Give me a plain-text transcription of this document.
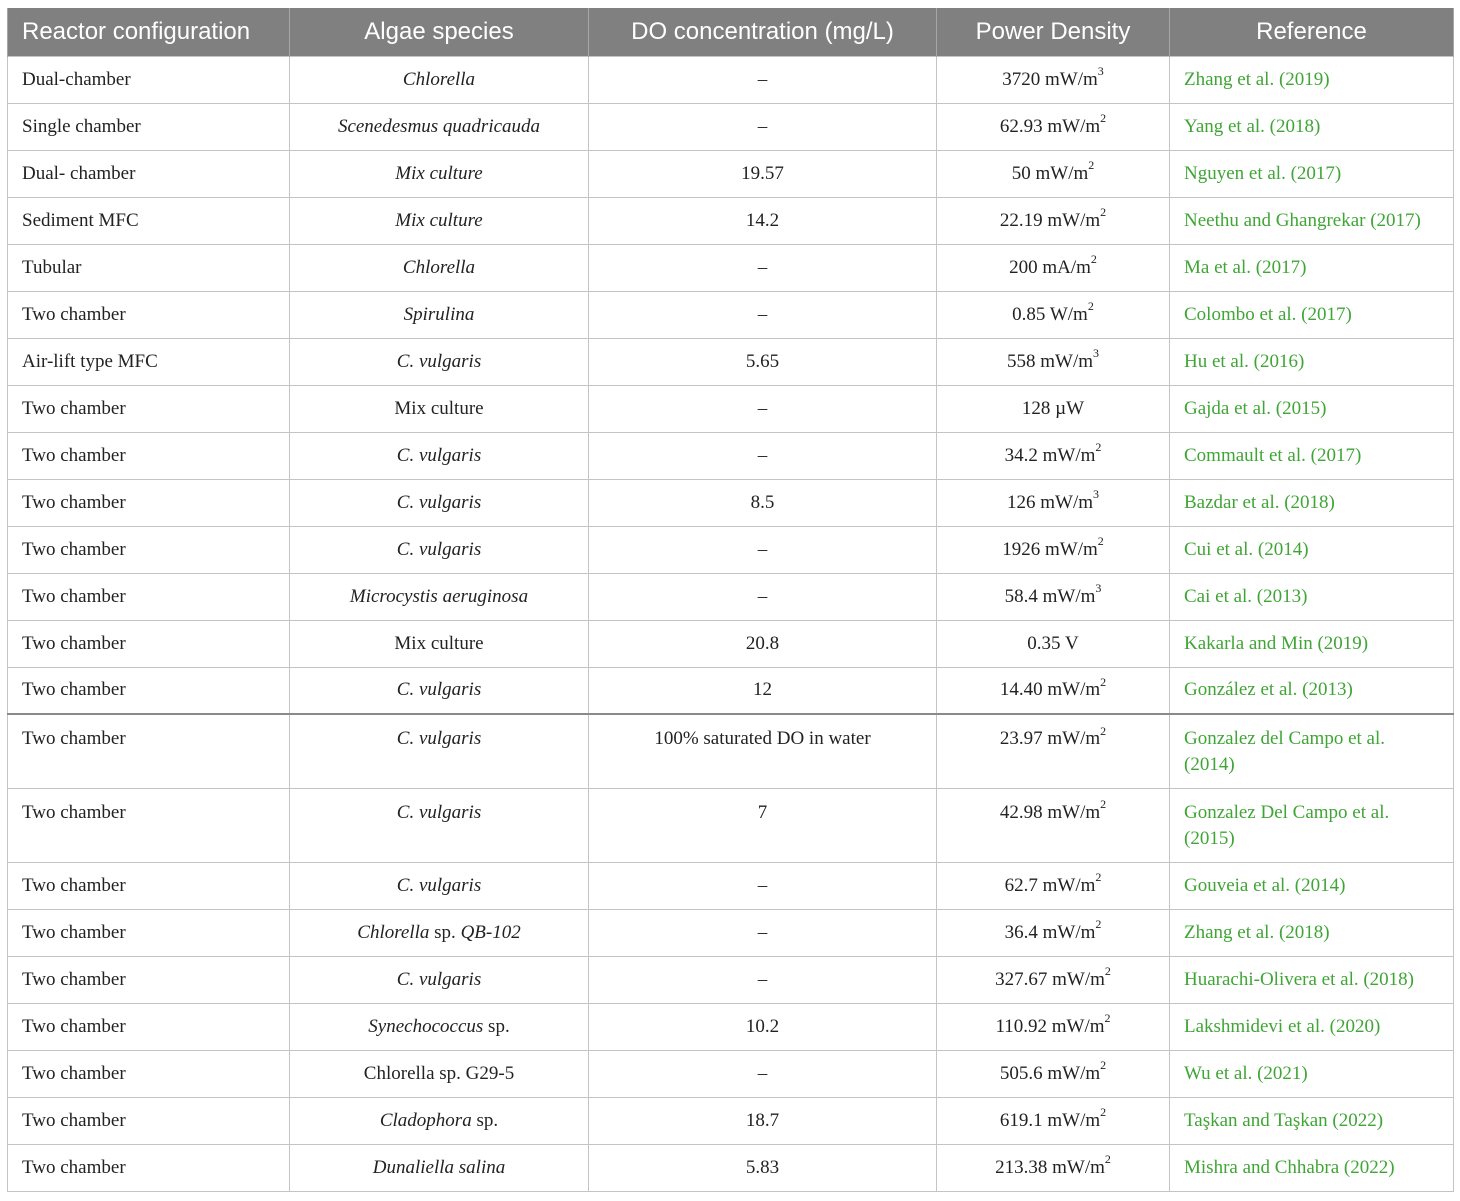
Reactor configuration	Algae species	DO concentration (mg/L)	Power Density	Reference
Dual-chamber	Chlorella	–	3720 $mW/m^3$	Zhang et al. (2019)
Single chamber	Scenedesmus quadricauda	–	62.93 $mW/m^2$	Yang et al. (2018)
Dual- chamber	Mix culture	19.57	50 $mW/m^2$	Nguyen et al. (2017)
Sediment MFC	Mix culture	14.2	22.19 $mW/m^2$	Neethu and Ghangrekar (2017)
Tubular	Chlorella	–	200 $mA/m^2$	Ma et al. (2017)
Two chamber	Spirulina	–	0.85 $W/m^2$	Colombo et al. (2017)
Air-lift type MFC	C. vulgaris	5.65	558 $mW/m^3$	Hu et al. (2016)
Two chamber	Mix culture	–	128 µW	Gajda et al. (2015)
Two chamber	C. vulgaris	–	34.2 $mW/m^2$	Commault et al. (2017)
Two chamber	C. vulgaris	8.5	126 $mW/m^3$	Bazdar et al. (2018)
Two chamber	C. vulgaris	–	1926 $mW/m^2$	Cui et al. (2014)
Two chamber	Microcystis aeruginosa	–	58.4 $mW/m^3$	Cai et al. (2013)
Two chamber	Mix culture	20.8	0.35 V	Kakarla and Min (2019)
Two chamber	C. vulgaris	12	14.40 $mW/m^2$	González et al. (2013)
Two chamber	C. vulgaris	100% saturated DO in water	23.97 $mW/m^2$	Gonzalez del Campo et al. (2014)
Two chamber	C. vulgaris	7	42.98 $mW/m^2$	Gonzalez Del Campo et al. (2015)
Two chamber	C. vulgaris	–	62.7 $mW/m^2$	Gouveia et al. (2014)
Two chamber	Chlorella sp. QB-102	–	36.4 $mW/m^2$	Zhang et al. (2018)
Two chamber	C. vulgaris	–	327.67 $mW/m^2$	Huarachi-Olivera et al. (2018)
Two chamber	Synechococcus sp.	10.2	110.92 $mW/m^2$	Lakshmidevi et al. (2020)
Two chamber	Chlorella sp. G29-5	–	505.6 $mW/m^2$	Wu et al. (2021)
Two chamber	Cladophora sp.	18.7	619.1 $mW/m^2$	Taşkan and Taşkan (2022)
Two chamber	Dunaliella salina	5.83	213.38 $mW/m^2$	Mishra and Chhabra (2022)
